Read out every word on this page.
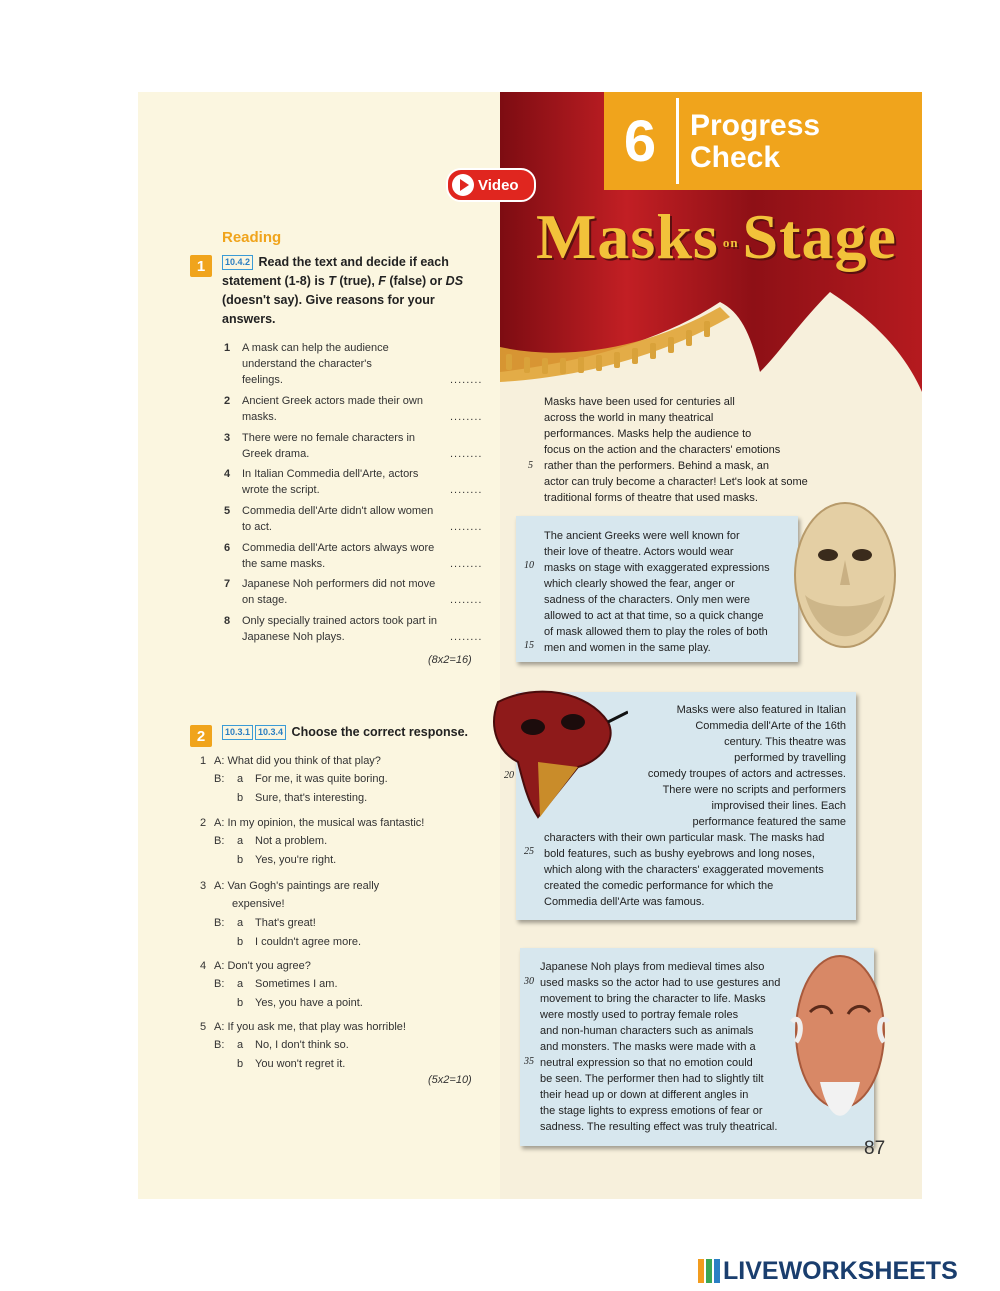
Reading
1	10.4.2 Read the text and decide if each statement (1-8) is T (true), F (false) or DS (doesn't say). Give reasons for your answers.
1 A mask can help the audience understand the character's feelings.	........
2 Ancient Greek actors made their own masks.	........
3 There were no female characters in Greek drama.	........
4 In Italian Commedia dell'Arte, actors wrote the script.	........
5 Commedia dell'Arte didn't allow women to act.	........
6 Commedia dell'Arte actors always wore the same masks.	........
7 Japanese Noh performers did not move on stage.	........
8 Only specially trained actors took part in Japanese Noh plays.	........
(8x2=16)
2	10.3.1 10.3.4 Choose the correct response.
1 A: What did you think of that play?
B: a For me, it was quite boring.
b Sure, that's interesting.
2 A: In my opinion, the musical was fantastic!
B: a Not a problem.
b Yes, you're right.
3 A: Van Gogh's paintings are really
expensive!
B: a That's great!
b I couldn't agree more.
4 A: Don't you agree?
B: a Sometimes I am.
b Yes, you have a point.
5 A: If you ask me, that play was horrible!
B: a No, I don't think so.
b You won't regret it.
(5x2=10)
6	Progress
Check
Video
Masks onStage
Masks have been used for centuries all
across the world in many theatrical
performances. Masks help the audience to
focus on the action and the characters' emotions
rather than the performers. Behind a mask, an
actor can truly become a character! Let's look at some
traditional forms of theatre that used masks.
5
The ancient Greeks were well known for
their love of theatre. Actors would wear
masks on stage with exaggerated expressions
which clearly showed the fear, anger or
sadness of the characters. Only men were
allowed to act at that time, so a quick change
of mask allowed them to play the roles of both
men and women in the same play.
10
15
Masks were also featured in Italian
Commedia dell'Arte of the 16th
century. This theatre was
performed by travelling
comedy troupes of actors and actresses.
There were no scripts and performers
improvised their lines. Each
performance featured the same
characters with their own particular mask. The masks had
bold features, such as bushy eyebrows and long noses,
which along with the characters' exaggerated movements
created the comedic performance for which the
Commedia dell'Arte was famous.
20
25
Japanese Noh plays from medieval times also
used masks so the actor had to use gestures and
movement to bring the character to life. Masks
were mostly used to portray female roles
and non-human characters such as animals
and monsters. The masks were made with a
neutral expression so that no emotion could
be seen. The performer then had to slightly tilt
their head up or down at different angles in
the stage lights to express emotions of fear or
sadness. The resulting effect was truly theatrical.
30
35
87
LIVEWORKSHEETS
